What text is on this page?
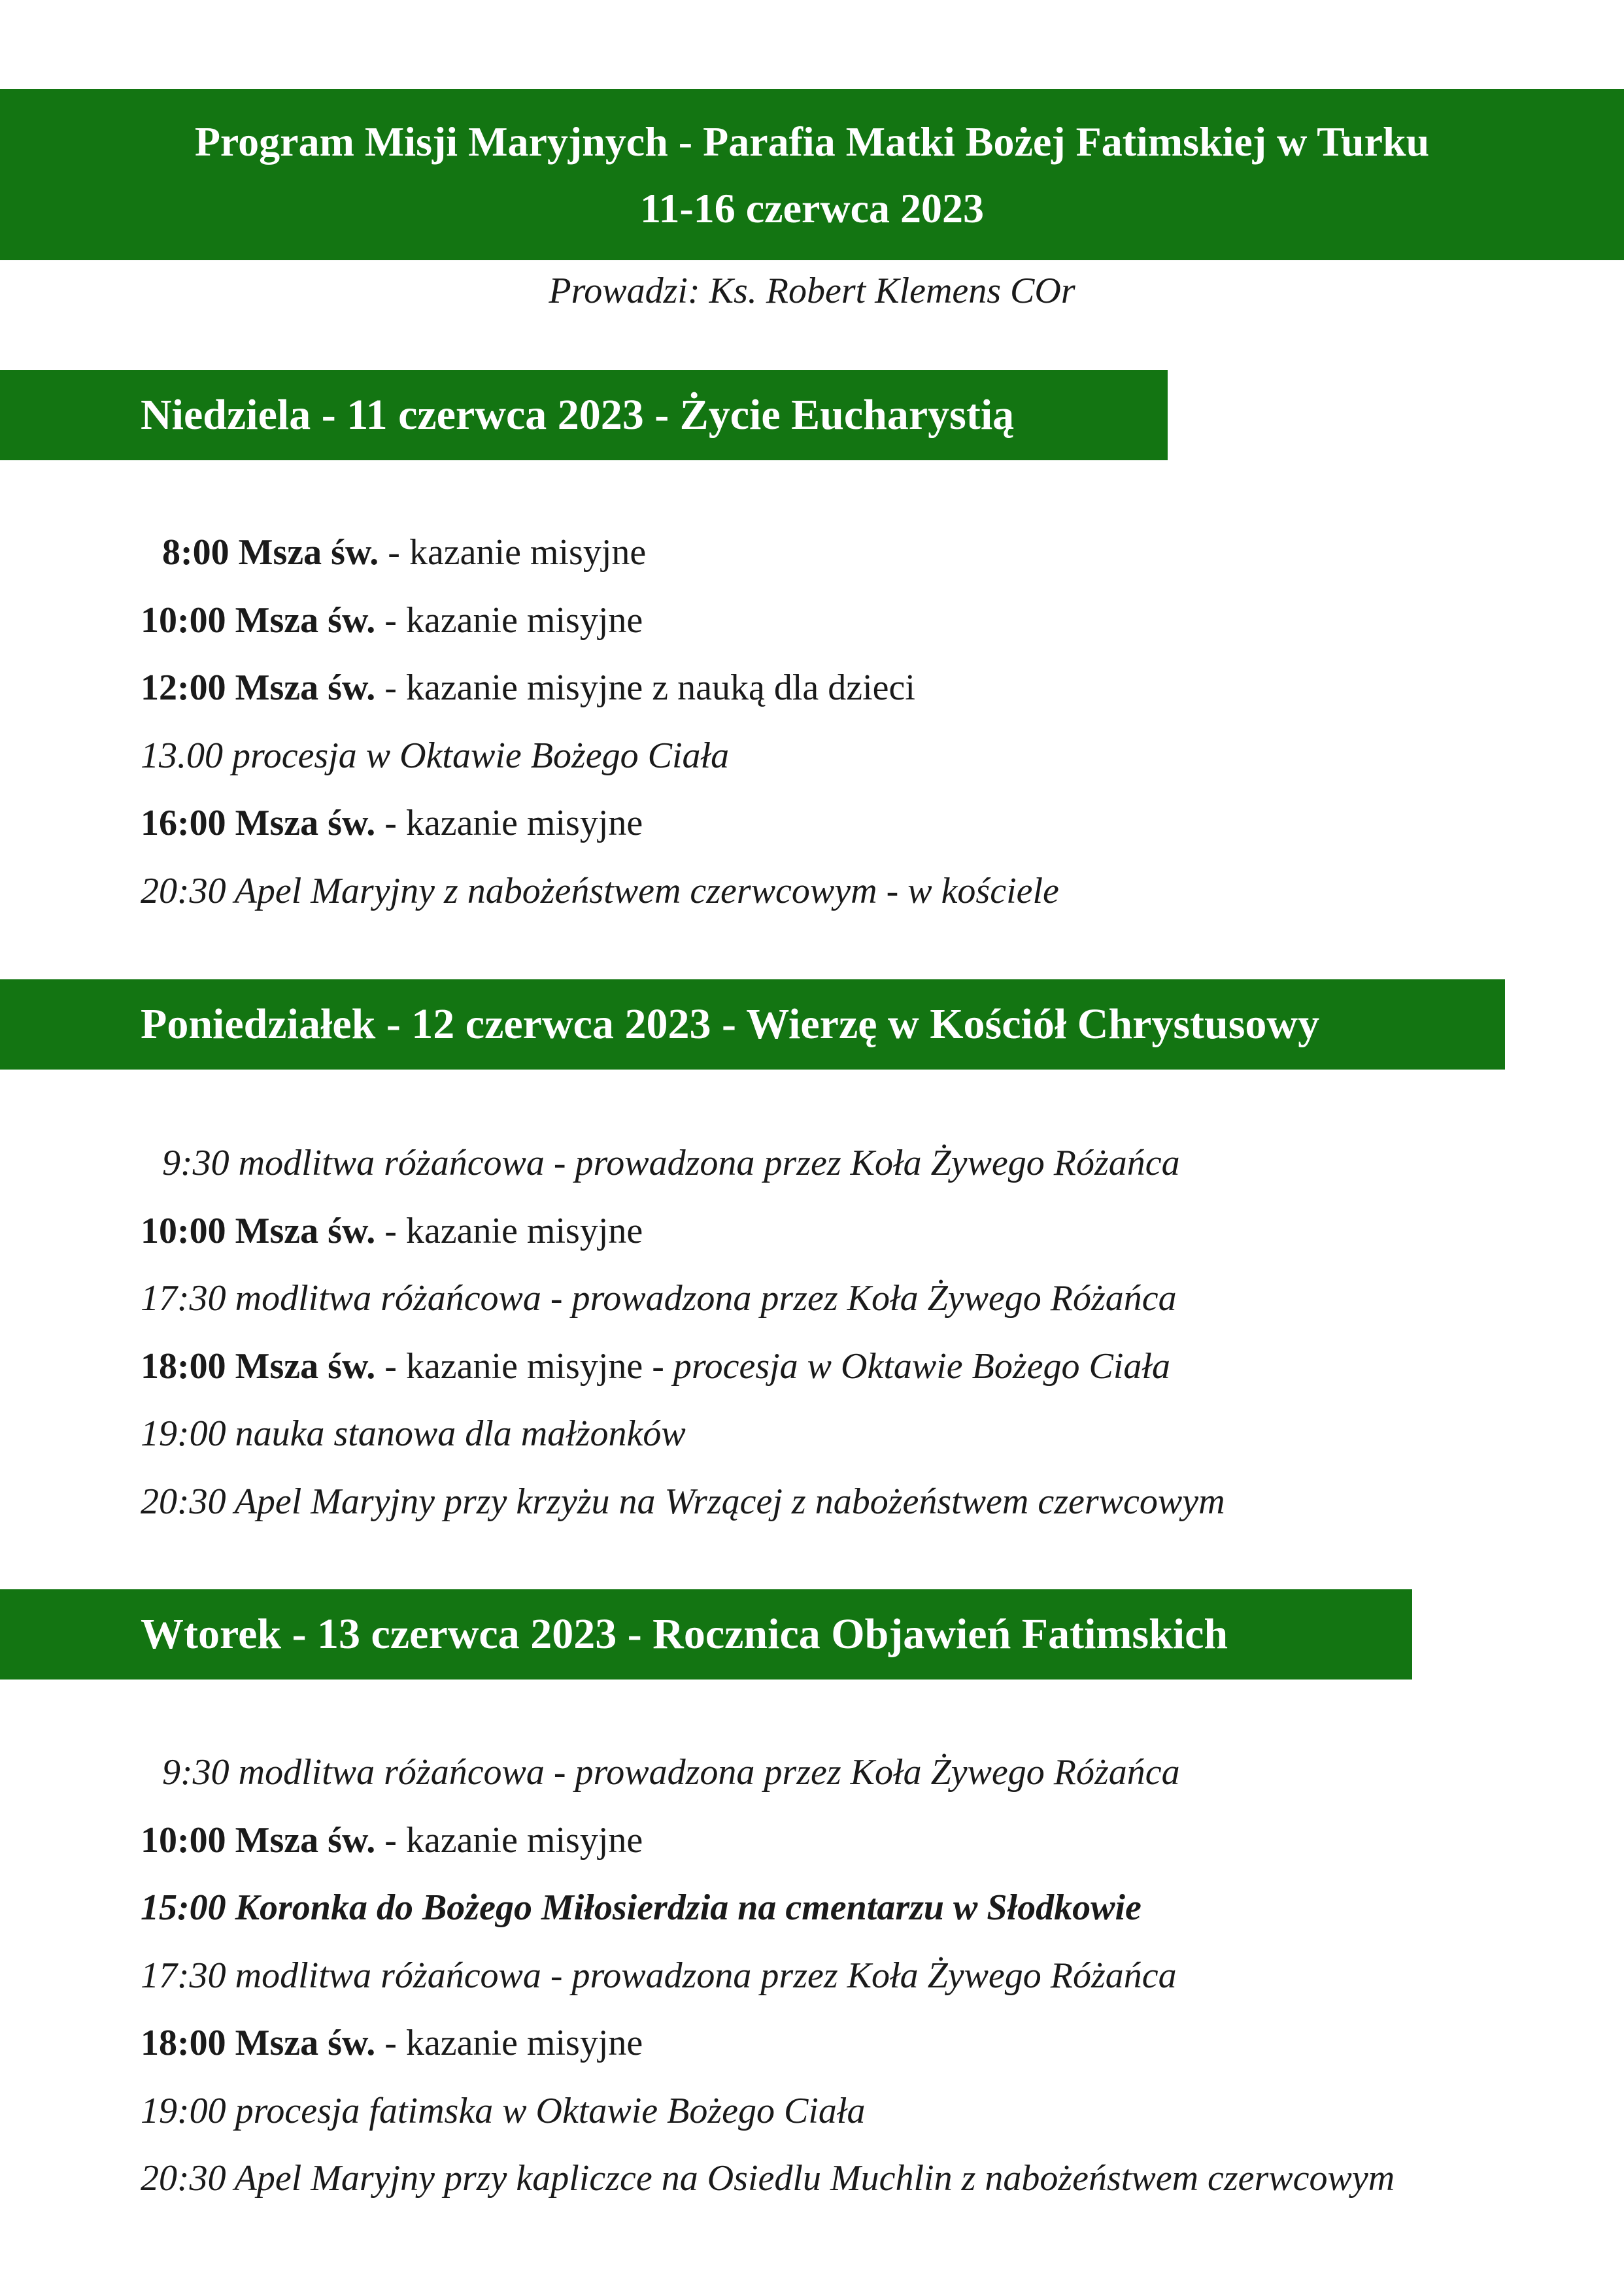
Program Misji Maryjnych - Parafia Matki Bożej Fatimskiej w Turku
11-16 czerwca 2023
Prowadzi: Ks. Robert Klemens COr
Niedziela - 11 czerwca 2023 - Życie Eucharystią
8:00 Msza św. - kazanie misyjne
10:00 Msza św. - kazanie misyjne
12:00 Msza św. - kazanie misyjne z nauką dla dzieci
13.00 procesja w Oktawie Bożego Ciała
16:00 Msza św. - kazanie misyjne
20:30 Apel Maryjny z nabożeństwem czerwcowym - w kościele
Poniedziałek - 12 czerwca 2023 - Wierzę w Kościół Chrystusowy
9:30 modlitwa różańcowa - prowadzona przez Koła Żywego Różańca
10:00 Msza św. - kazanie misyjne
17:30 modlitwa różańcowa - prowadzona przez Koła Żywego Różańca
18:00 Msza św. - kazanie misyjne - procesja w Oktawie Bożego Ciała
19:00 nauka stanowa dla małżonków
20:30 Apel Maryjny przy krzyżu na Wrzącej z nabożeństwem czerwcowym
Wtorek - 13 czerwca 2023 - Rocznica Objawień Fatimskich
9:30 modlitwa różańcowa - prowadzona przez Koła Żywego Różańca
10:00 Msza św. - kazanie misyjne
15:00 Koronka do Bożego Miłosierdzia na cmentarzu w Słodkowie
17:30 modlitwa różańcowa - prowadzona przez Koła Żywego Różańca
18:00 Msza św. - kazanie misyjne
19:00 procesja fatimska w Oktawie Bożego Ciała
20:30 Apel Maryjny przy kapliczce na Osiedlu Muchlin z nabożeństwem czerwcowym
